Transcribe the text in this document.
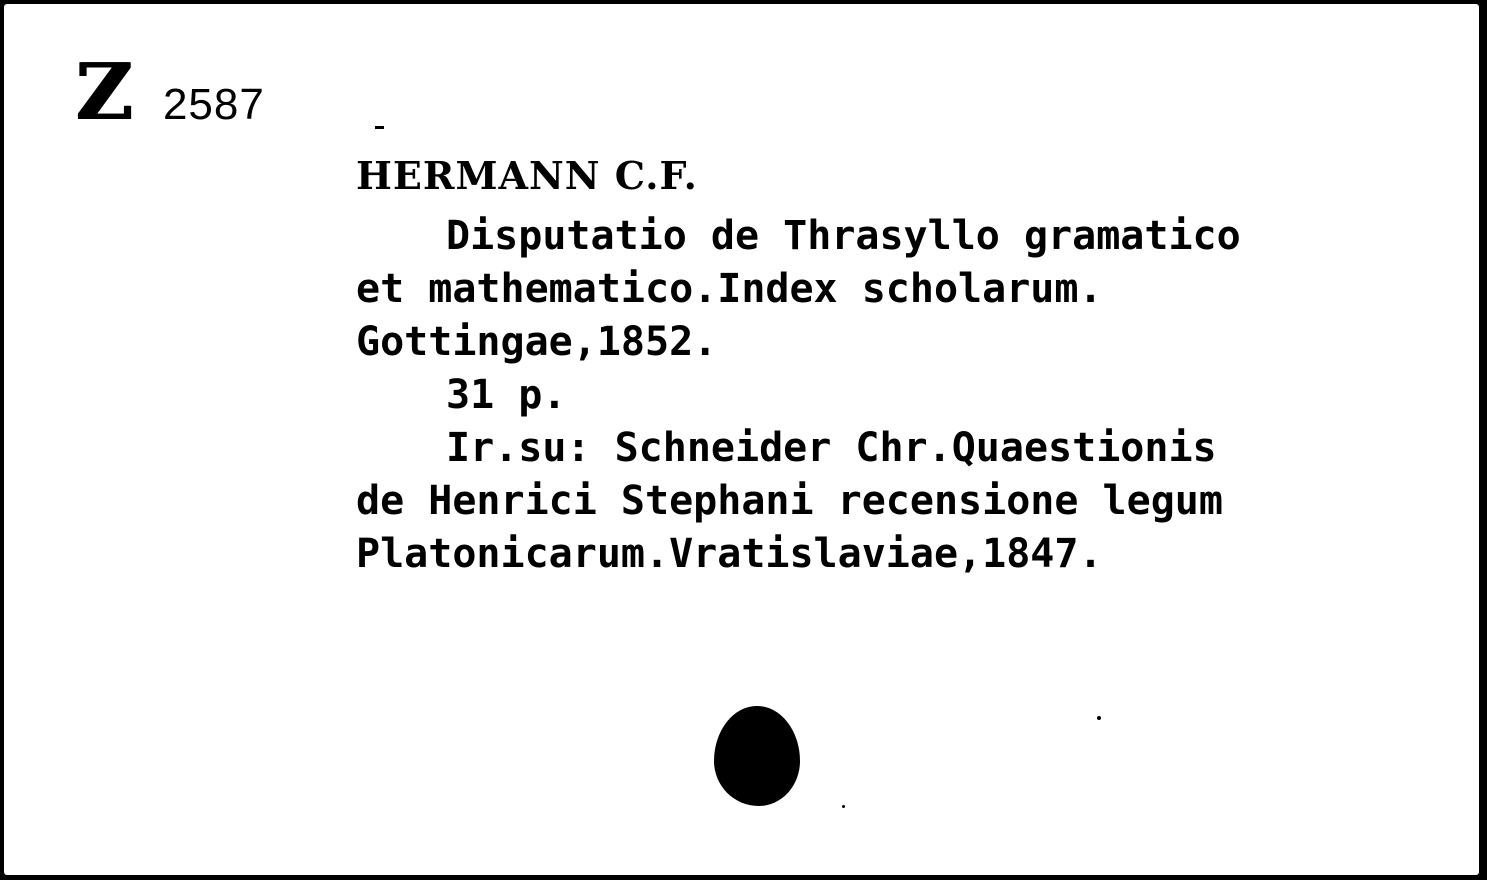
Z 2587
HERMANN C.F.
Disputatio de Thrasyllo gramatico
et mathematico.Index scholarum.
Gottingae,1852.
31 p.
Ir.su: Schneider Chr.Quaestionis
de Henrici Stephani recensione legum
Platonicarum.Vratislaviae,1847.
